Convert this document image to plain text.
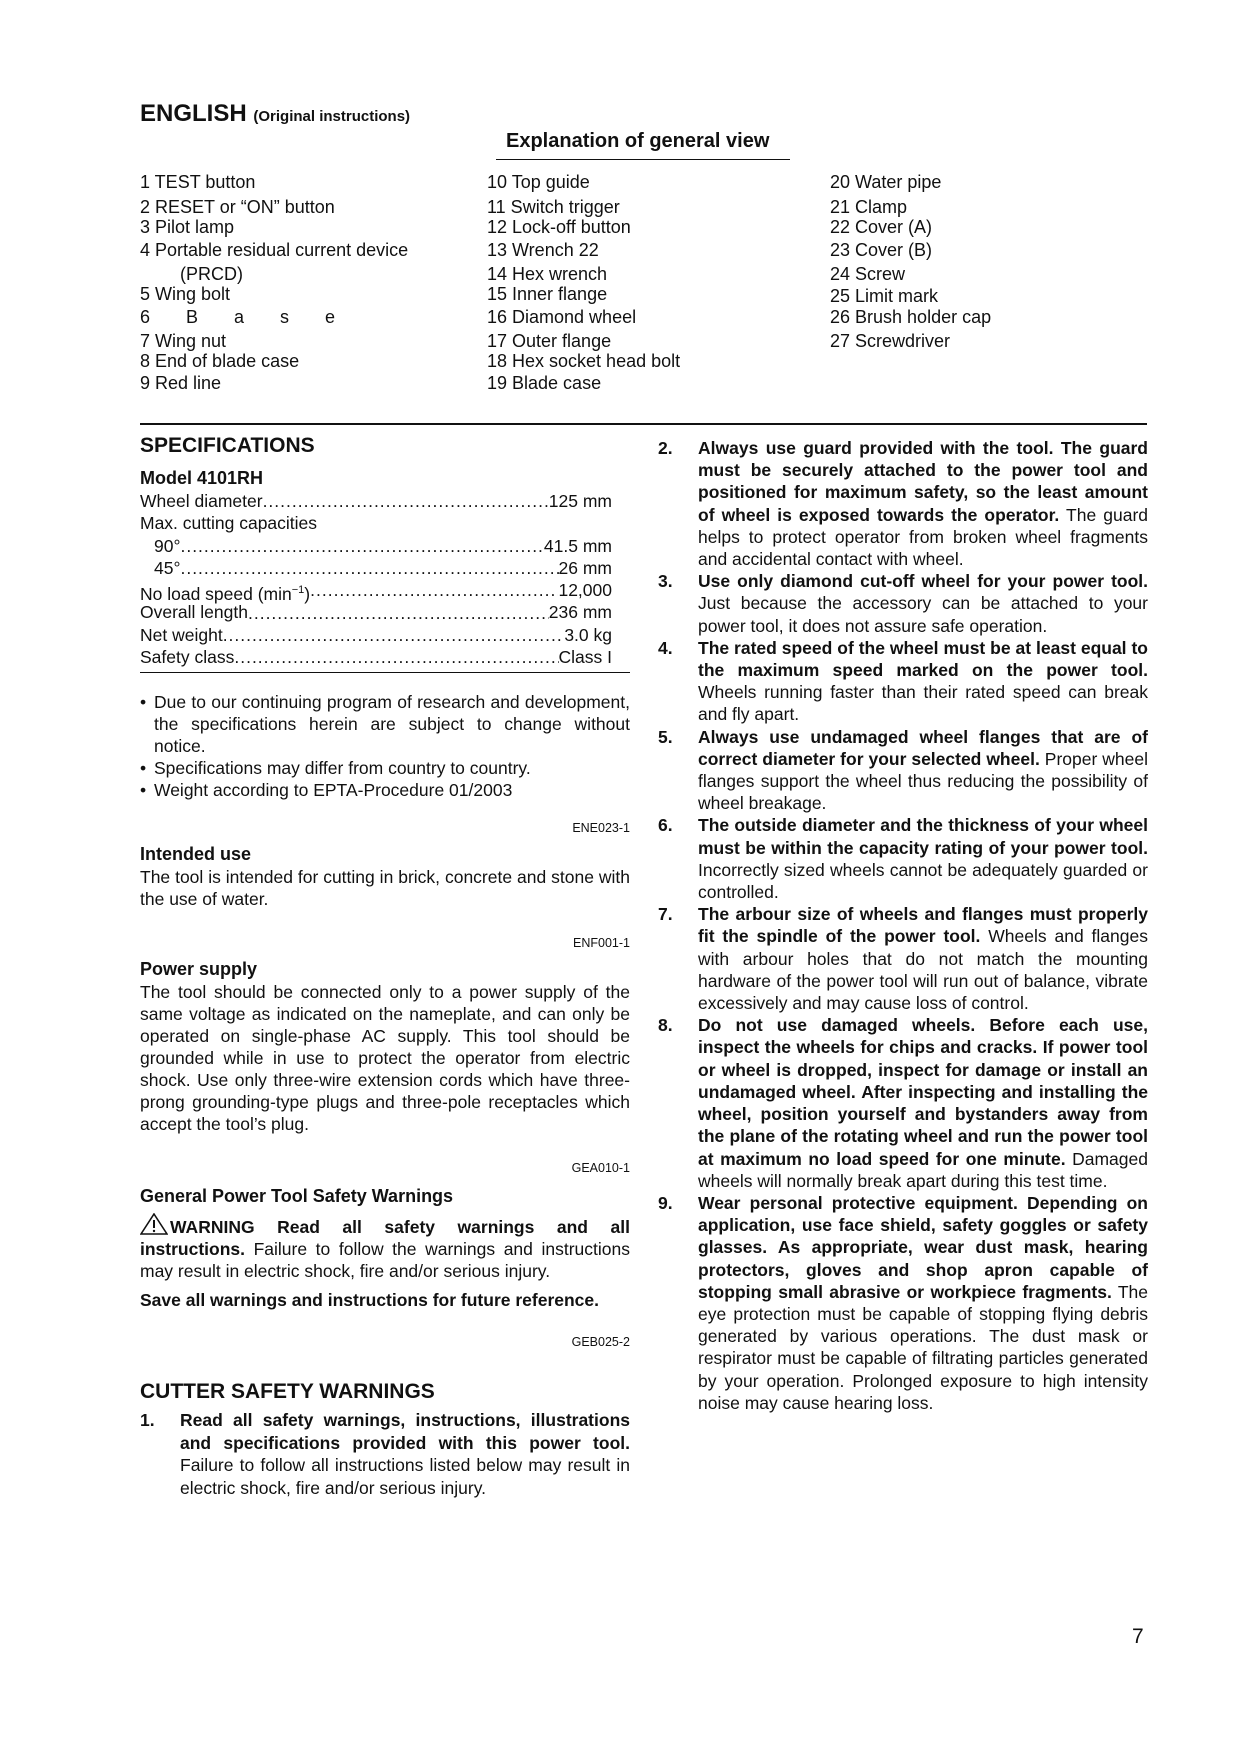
ENGLISH (Original instructions)
Explanation of general view
1 TEST button
2 RESET or “ON” button
3 Pilot lamp
4 Portable residual current device
(PRCD)
5 Wing bolt
6 B a s e
7 Wing nut
8 End of blade case
9 Red line
10 Top guide
11 Switch trigger
12 Lock-off button
13 Wrench 22
14 Hex wrench
15 Inner flange
16 Diamond wheel
17 Outer flange
18 Hex socket head bolt
19 Blade case
20 Water pipe
21 Clamp
22 Cover (A)
23 Cover (B)
24 Screw
25 Limit mark
26 Brush holder cap
27 Screwdriver
SPECIFICATIONS
Model 4101RH
Wheel diameter .....	125 mm
Max. cutting capacities
90° .....	41.5 mm
45° .....	26 mm
No load speed $(\min^{-1})$ .....	12,000
Overall length .....	236 mm
Net weight .....	3.0 kg
Safety class .....	Class I
• Due to our continuing program of research and development, the specifications herein are subject to change without notice.
• Specifications may differ from country to country.
• Weight according to EPTA-Procedure 01/2003
ENE023-1
Intended use

The tool is intended for cutting in brick, concrete and stone with the use of water.

ENF001-1
Power supply

The tool should be connected only to a power supply of the same voltage as indicated on the nameplate, and can only be operated on single-phase AC supply. This tool should be grounded while in use to protect the operator from electric shock. Use only three-wire extension cords which have three-prong grounding-type plugs and three-pole receptacles which accept the tool’s plug.

GEA010-1
General Power Tool Safety Warnings

WARNING Read all safety warnings and all instructions. Failure to follow the warnings and instructions may result in electric shock, fire and/or serious injury.

Save all warnings and instructions for future reference.

GEB025-2
CUTTER SAFETY WARNINGS
1. Read all safety warnings, instructions, illustrations and specifications provided with this power tool. Failure to follow all instructions listed below may result in electric shock, fire and/or serious injury.
2. Always use guard provided with the tool. The guard must be securely attached to the power tool and positioned for maximum safety, so the least amount of wheel is exposed towards the operator. The guard helps to protect operator from broken wheel fragments and accidental contact with wheel.
3. Use only diamond cut-off wheel for your power tool. Just because the accessory can be attached to your power tool, it does not assure safe operation.
4. The rated speed of the wheel must be at least equal to the maximum speed marked on the power tool. Wheels running faster than their rated speed can break and fly apart.
5. Always use undamaged wheel flanges that are of correct diameter for your selected wheel. Proper wheel flanges support the wheel thus reducing the possibility of wheel breakage.
6. The outside diameter and the thickness of your wheel must be within the capacity rating of your power tool. Incorrectly sized wheels cannot be adequately guarded or controlled.
7. The arbour size of wheels and flanges must properly fit the spindle of the power tool. Wheels and flanges with arbour holes that do not match the mounting hardware of the power tool will run out of balance, vibrate excessively and may cause loss of control.
8. Do not use damaged wheels. Before each use, inspect the wheels for chips and cracks. If power tool or wheel is dropped, inspect for damage or install an undamaged wheel. After inspecting and installing the wheel, position yourself and bystanders away from the plane of the rotating wheel and run the power tool at maximum no load speed for one minute. Damaged wheels will normally break apart during this test time.
9. Wear personal protective equipment. Depending on application, use face shield, safety goggles or safety glasses. As appropriate, wear dust mask, hearing protectors, gloves and shop apron capable of stopping small abrasive or workpiece fragments. The eye protection must be capable of stopping flying debris generated by various operations. The dust mask or respirator must be capable of filtrating particles generated by your operation. Prolonged exposure to high intensity noise may cause hearing loss.
7
